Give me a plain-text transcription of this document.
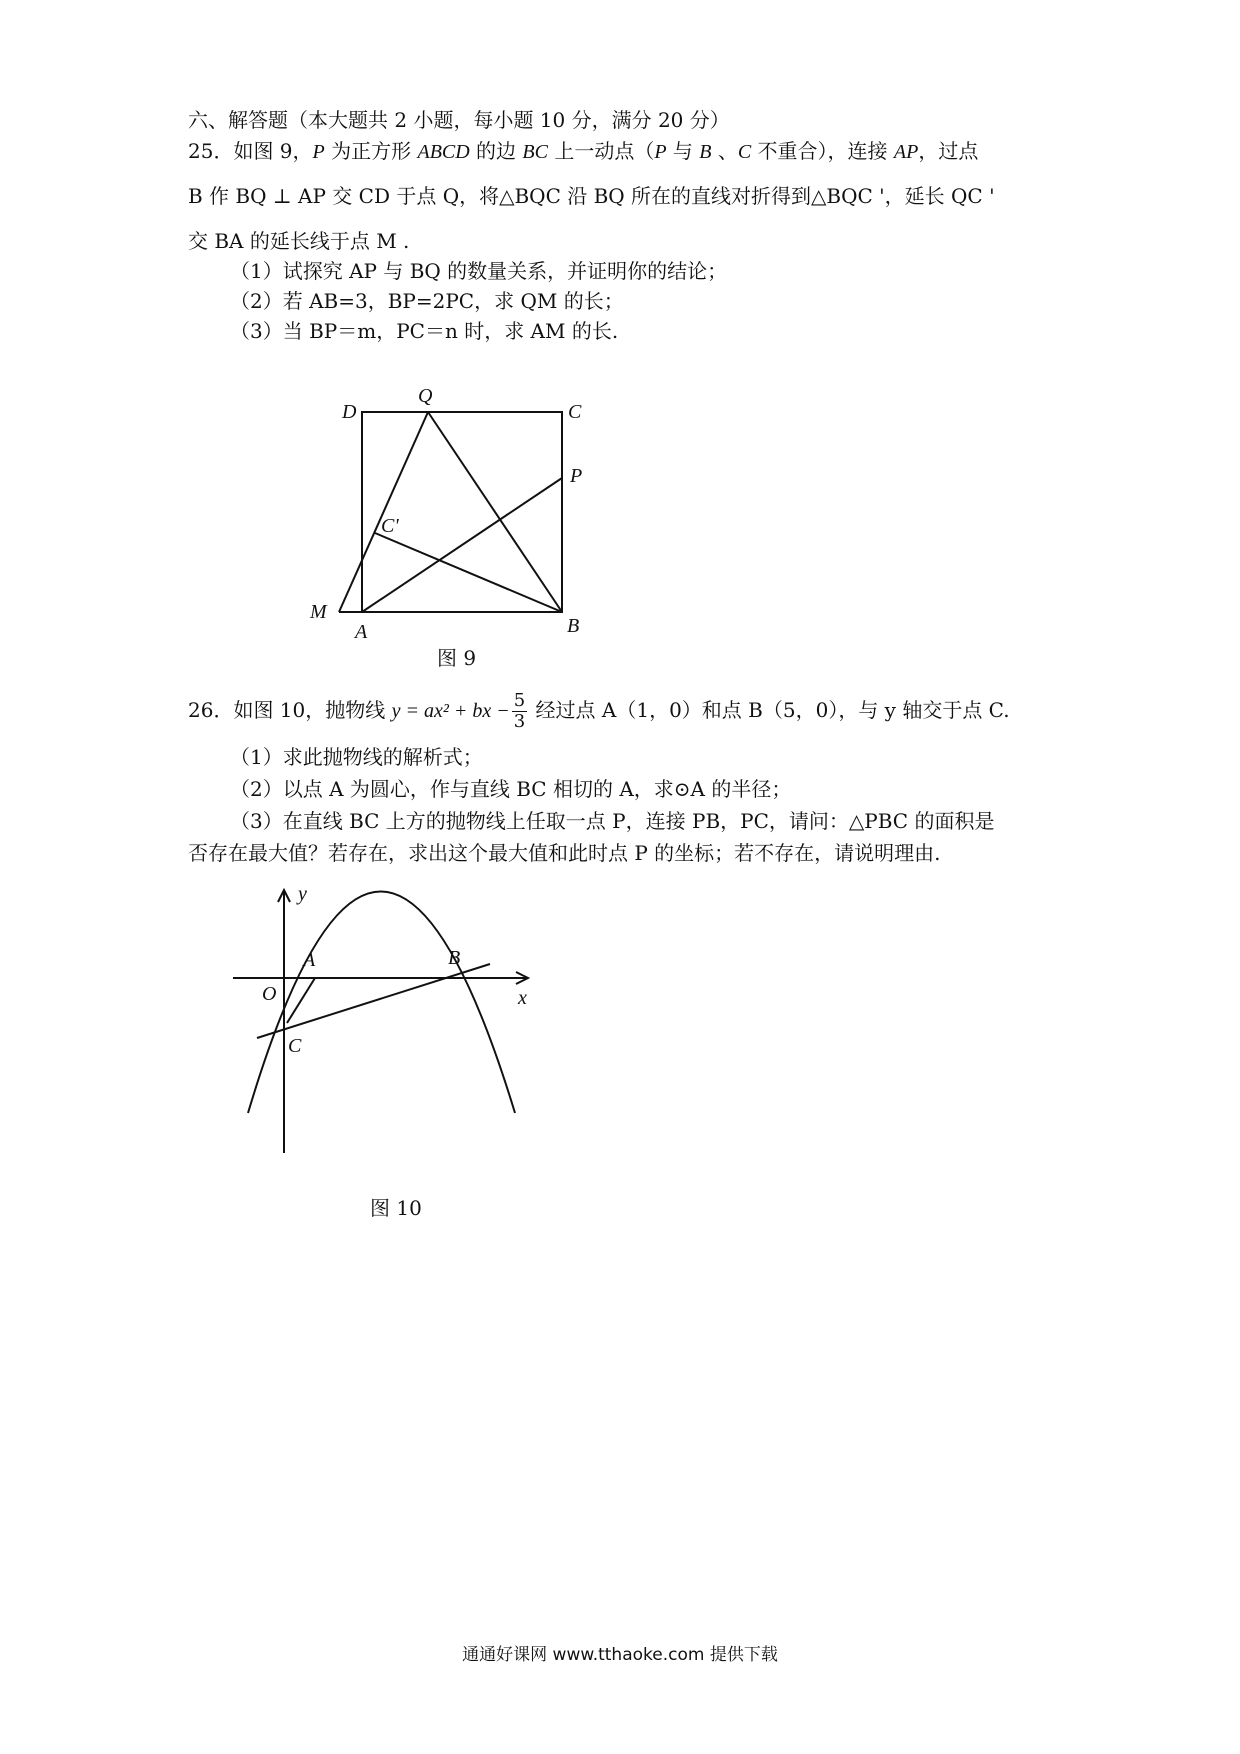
六、解答题（本大题共 2 小题，每小题 10 分，满分 20 分）
25．如图 9，P 为正方形 ABCD 的边 BC 上一动点（P 与 B 、C 不重合），连接 AP，过点
B 作 BQ ⊥ AP 交 CD 于点 Q，将△BQC 沿 BQ 所在的直线对折得到△BQC '，延长 QC '
交 BA 的延长线于点 M .
（1）试探究 AP 与 BQ 的数量关系，并证明你的结论；
（2）若 AB=3，BP=2PC，求 QM 的长；
（3）当 BP＝m，PC＝n 时，求 AM 的长.
D
Q
C
P
C'
M
A	B
图 9
26．如图 10，抛物线 y = ax² + bx − $\frac{5}{3}$ 经过点 A（1，0）和点 B（5，0），与 y 轴交于点 C.
（1）求此抛物线的解析式；
（2）以点 A 为圆心，作与直线 BC 相切的 A，求⊙A 的半径；
（3）在直线 BC 上方的抛物线上任取一点 P，连接 PB，PC，请问：△PBC 的面积是
否存在最大值？若存在，求出这个最大值和此时点 P 的坐标；若不存在，请说明理由.
y
x
O
A	B
C
图 10
通通好课网 www.tthaoke.com 提供下载
